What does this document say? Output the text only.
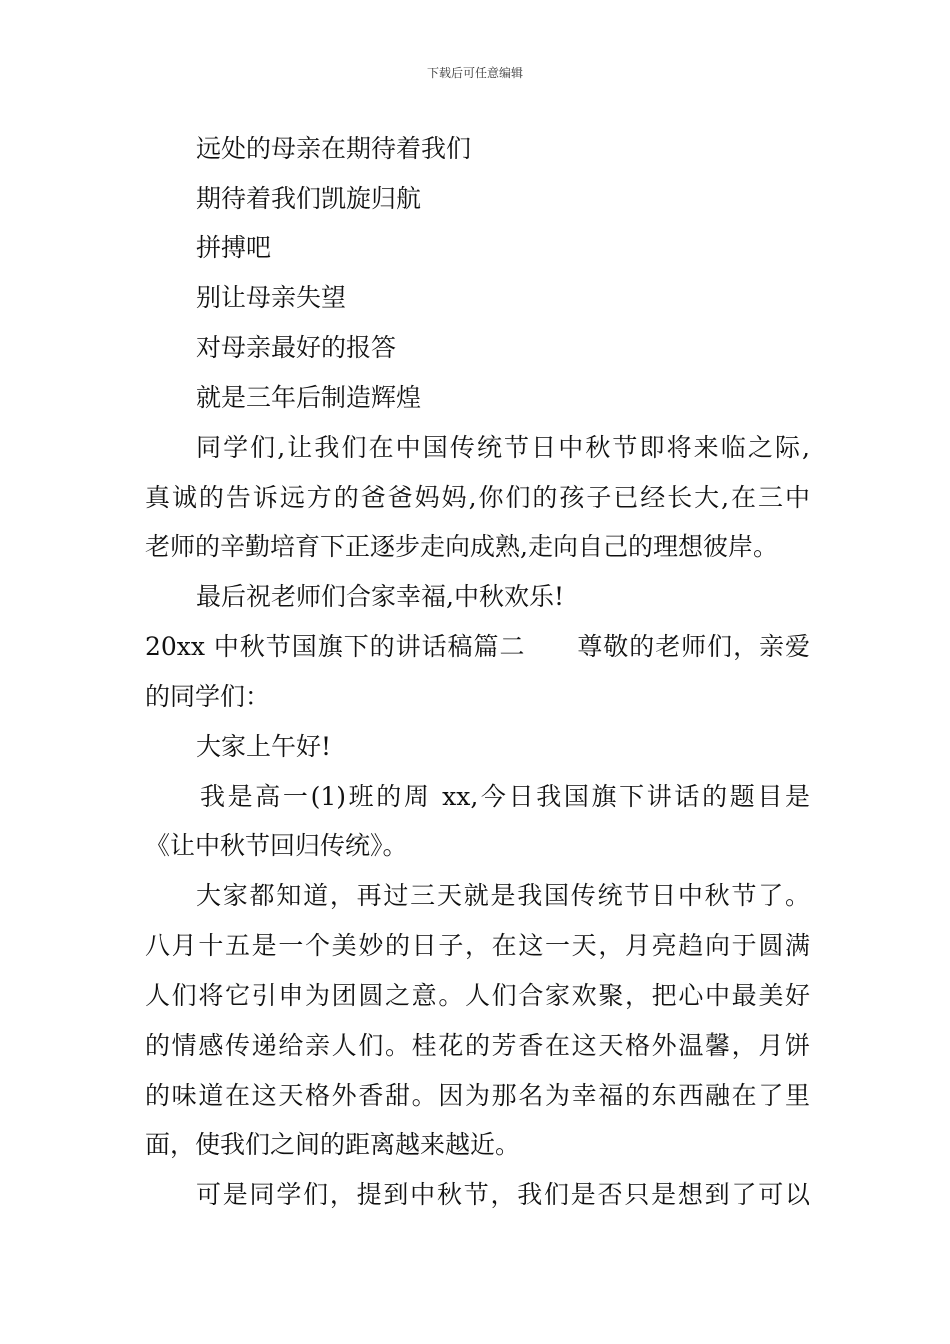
下载后可任意编辑
远处的母亲在期待着我们
期待着我们凯旋归航
拼搏吧
别让母亲失望
对母亲最好的报答
就是三年后制造辉煌
同学们,让我们在中国传统节日中秋节即将来临之际,
真诚的告诉远方的爸爸妈妈,你们的孩子已经长大,在三中
老师的辛勤培育下正逐步走向成熟,走向自己的理想彼岸。
最后祝老师们合家幸福,中秋欢乐!
20xx 中秋节国旗下的讲话稿篇二　　尊敬的老师们，亲爱
的同学们：
大家上午好!
我是高一(1)班的周 xx,今日我国旗下讲话的题目是
《让中秋节回归传统》。
大家都知道，再过三天就是我国传统节日中秋节了。
八月十五是一个美妙的日子，在这一天，月亮趋向于圆满
人们将它引申为团圆之意。人们合家欢聚，把心中最美好
的情感传递给亲人们。桂花的芳香在这天格外温馨，月饼
的味道在这天格外香甜。因为那名为幸福的东西融在了里
面，使我们之间的距离越来越近。
可是同学们，提到中秋节，我们是否只是想到了可以
